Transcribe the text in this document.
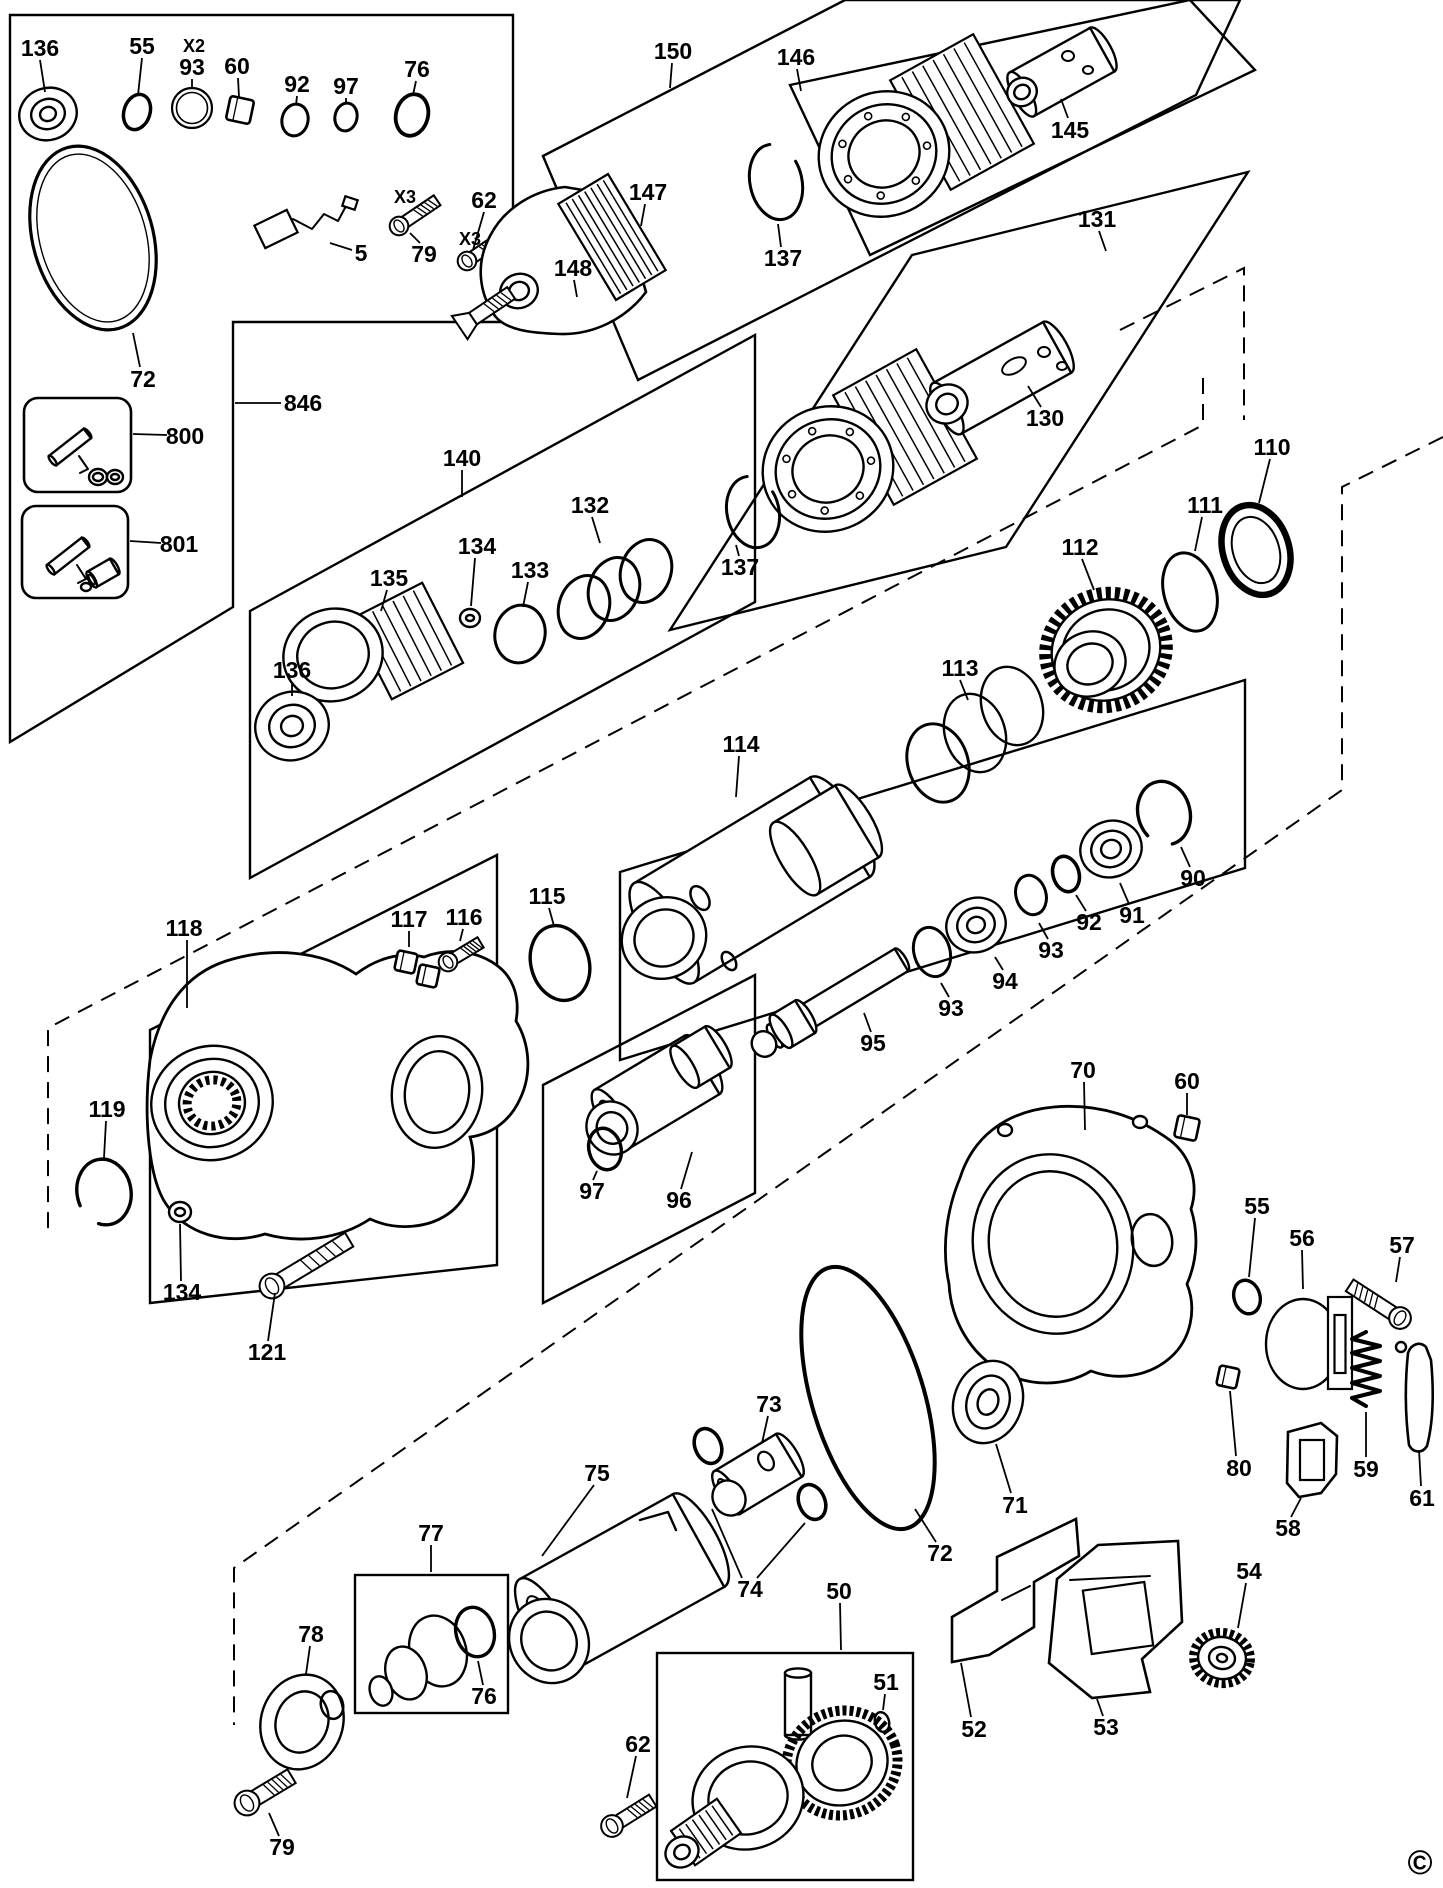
136	55 X2
93 60
92 97
76
X3
79
5
X3
62
72
846
800
801
150	146
147
148	137
145
131
130
137
140
132
134
133
135
136
110
111
112
113
114
115
117 116
118
119
134
121
95
93
94
93
92 91
90
97	96
70	60
55
56	57
80
58
59
61
71
73
75
74
72
77
76
78
79
50
51
62
52	53
54
©
